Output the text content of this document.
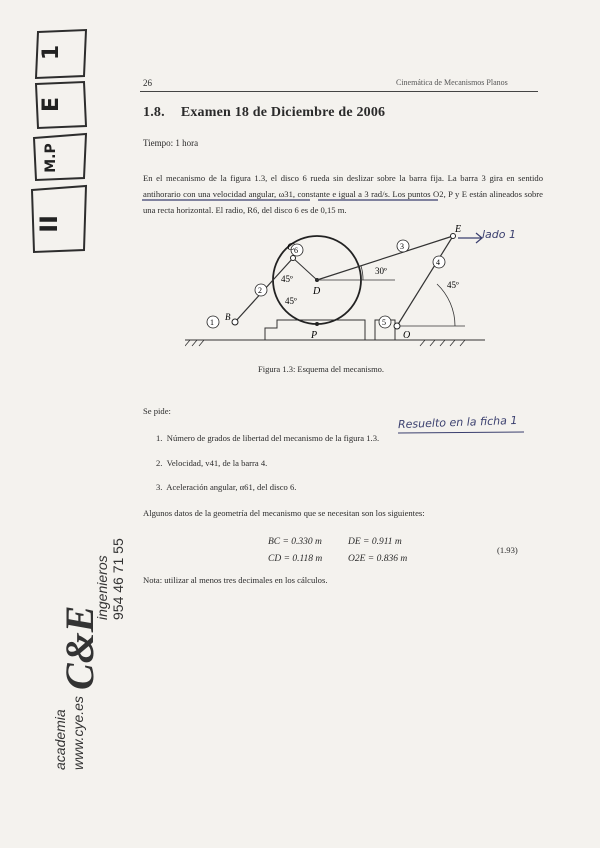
1
E
M.P
II
26	Cinemática de Mecanismos Planos
1.8. Examen 18 de Diciembre de 2006
Tiempo: 1 hora
En el mecanismo de la figura 1.3, el disco 6 rueda sin deslizar sobre la barra fija. La barra 3 gira en sentido antihorario con una velocidad angular, ω31, constante e igual a 3 rad/s. Los puntos O2, P y E están alineados sobre una recta horizontal. El radio, R6, del disco 6 es de 0,15 m.
1
2
3
4
5
6
C
D
E
P	O
B
45º
45º
30º
45º
lado 1
Figura 1.3: Esquema del mecanismo.
Se pide:
Resuelto en la ficha 1
1. Número de grados de libertad del mecanismo de la figura 1.3.
2. Velocidad, v41, de la barra 4.
3. Aceleración angular, α61, del disco 6.
Algunos datos de la geometría del mecanismo que se necesitan son los siguientes:
BC = 0.330 m	DE = 0.911 m
CD = 0.118 m	O2E = 0.836 m
(1.93)
Nota: utilizar al menos tres decimales en los cálculos.
academia www.cye.es
C&E
ingenieros 954 46 71 55
